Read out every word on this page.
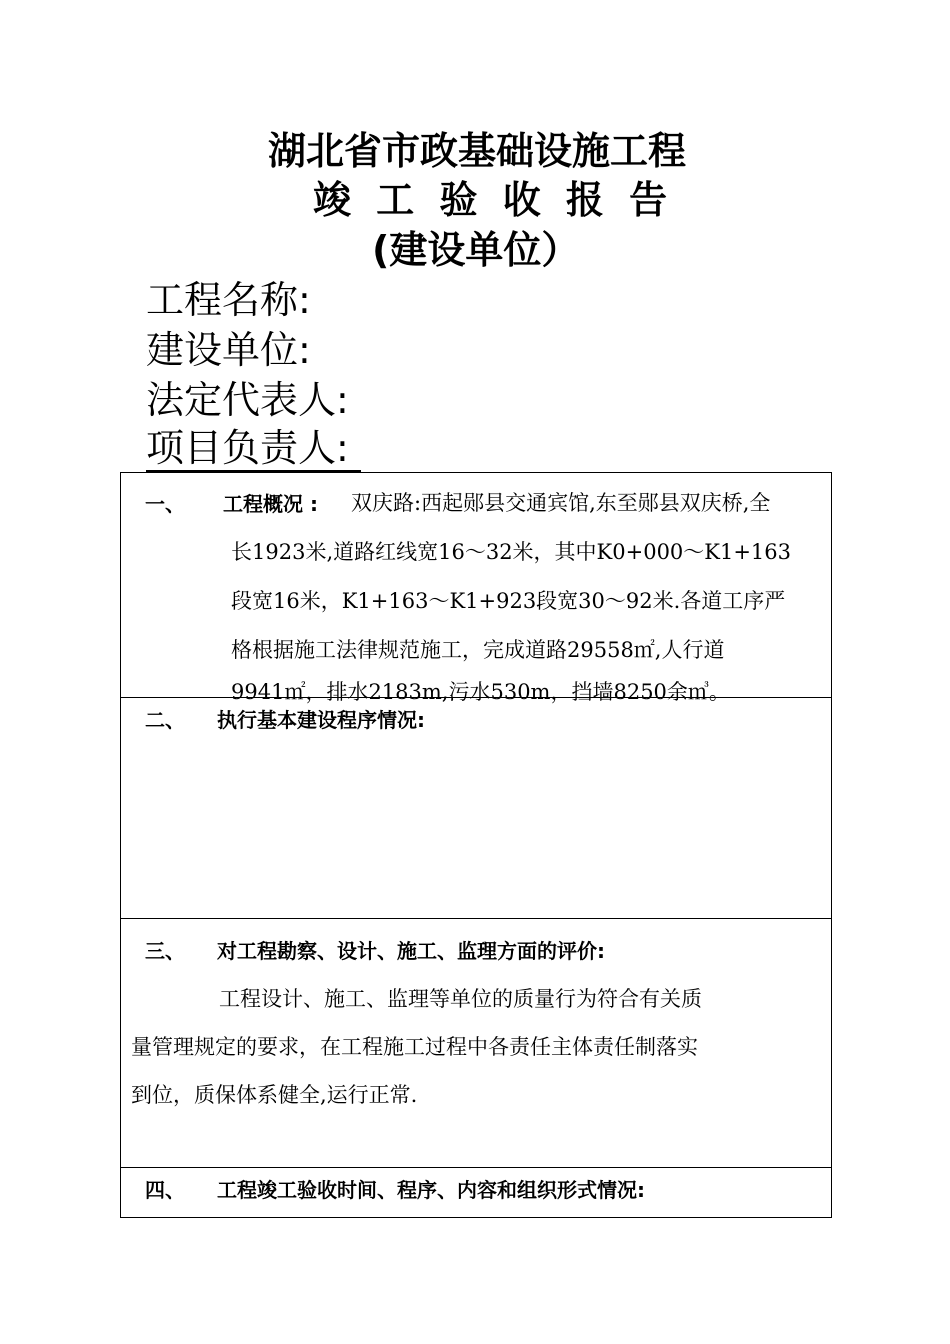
湖北省市政基础设施工程
竣 工 验 收 报 告
(建设单位）
工程名称:
建设单位:
法定代表人:
项目负责人:
一、 工程概况 : 双庆路:西起郧县交通宾馆,东至郧县双庆桥,全
长1923米,道路红线宽16～32米，其中K0+000～K1+163
段宽16米，K1+163～K1+923段宽30～92米.各道工序严
格根据施工法律规范施工，完成道路29558㎡,人行道
9941㎡，排水2183m,污水530m，挡墙8250余㎥。
二、 执行基本建设程序情况:
三、 对工程勘察、设计、施工、监理方面的评价:
工程设计、施工、监理等单位的质量行为符合有关质
量管理规定的要求，在工程施工过程中各责任主体责任制落实
到位，质保体系健全,运行正常.
四、 工程竣工验收时间、程序、内容和组织形式情况:
